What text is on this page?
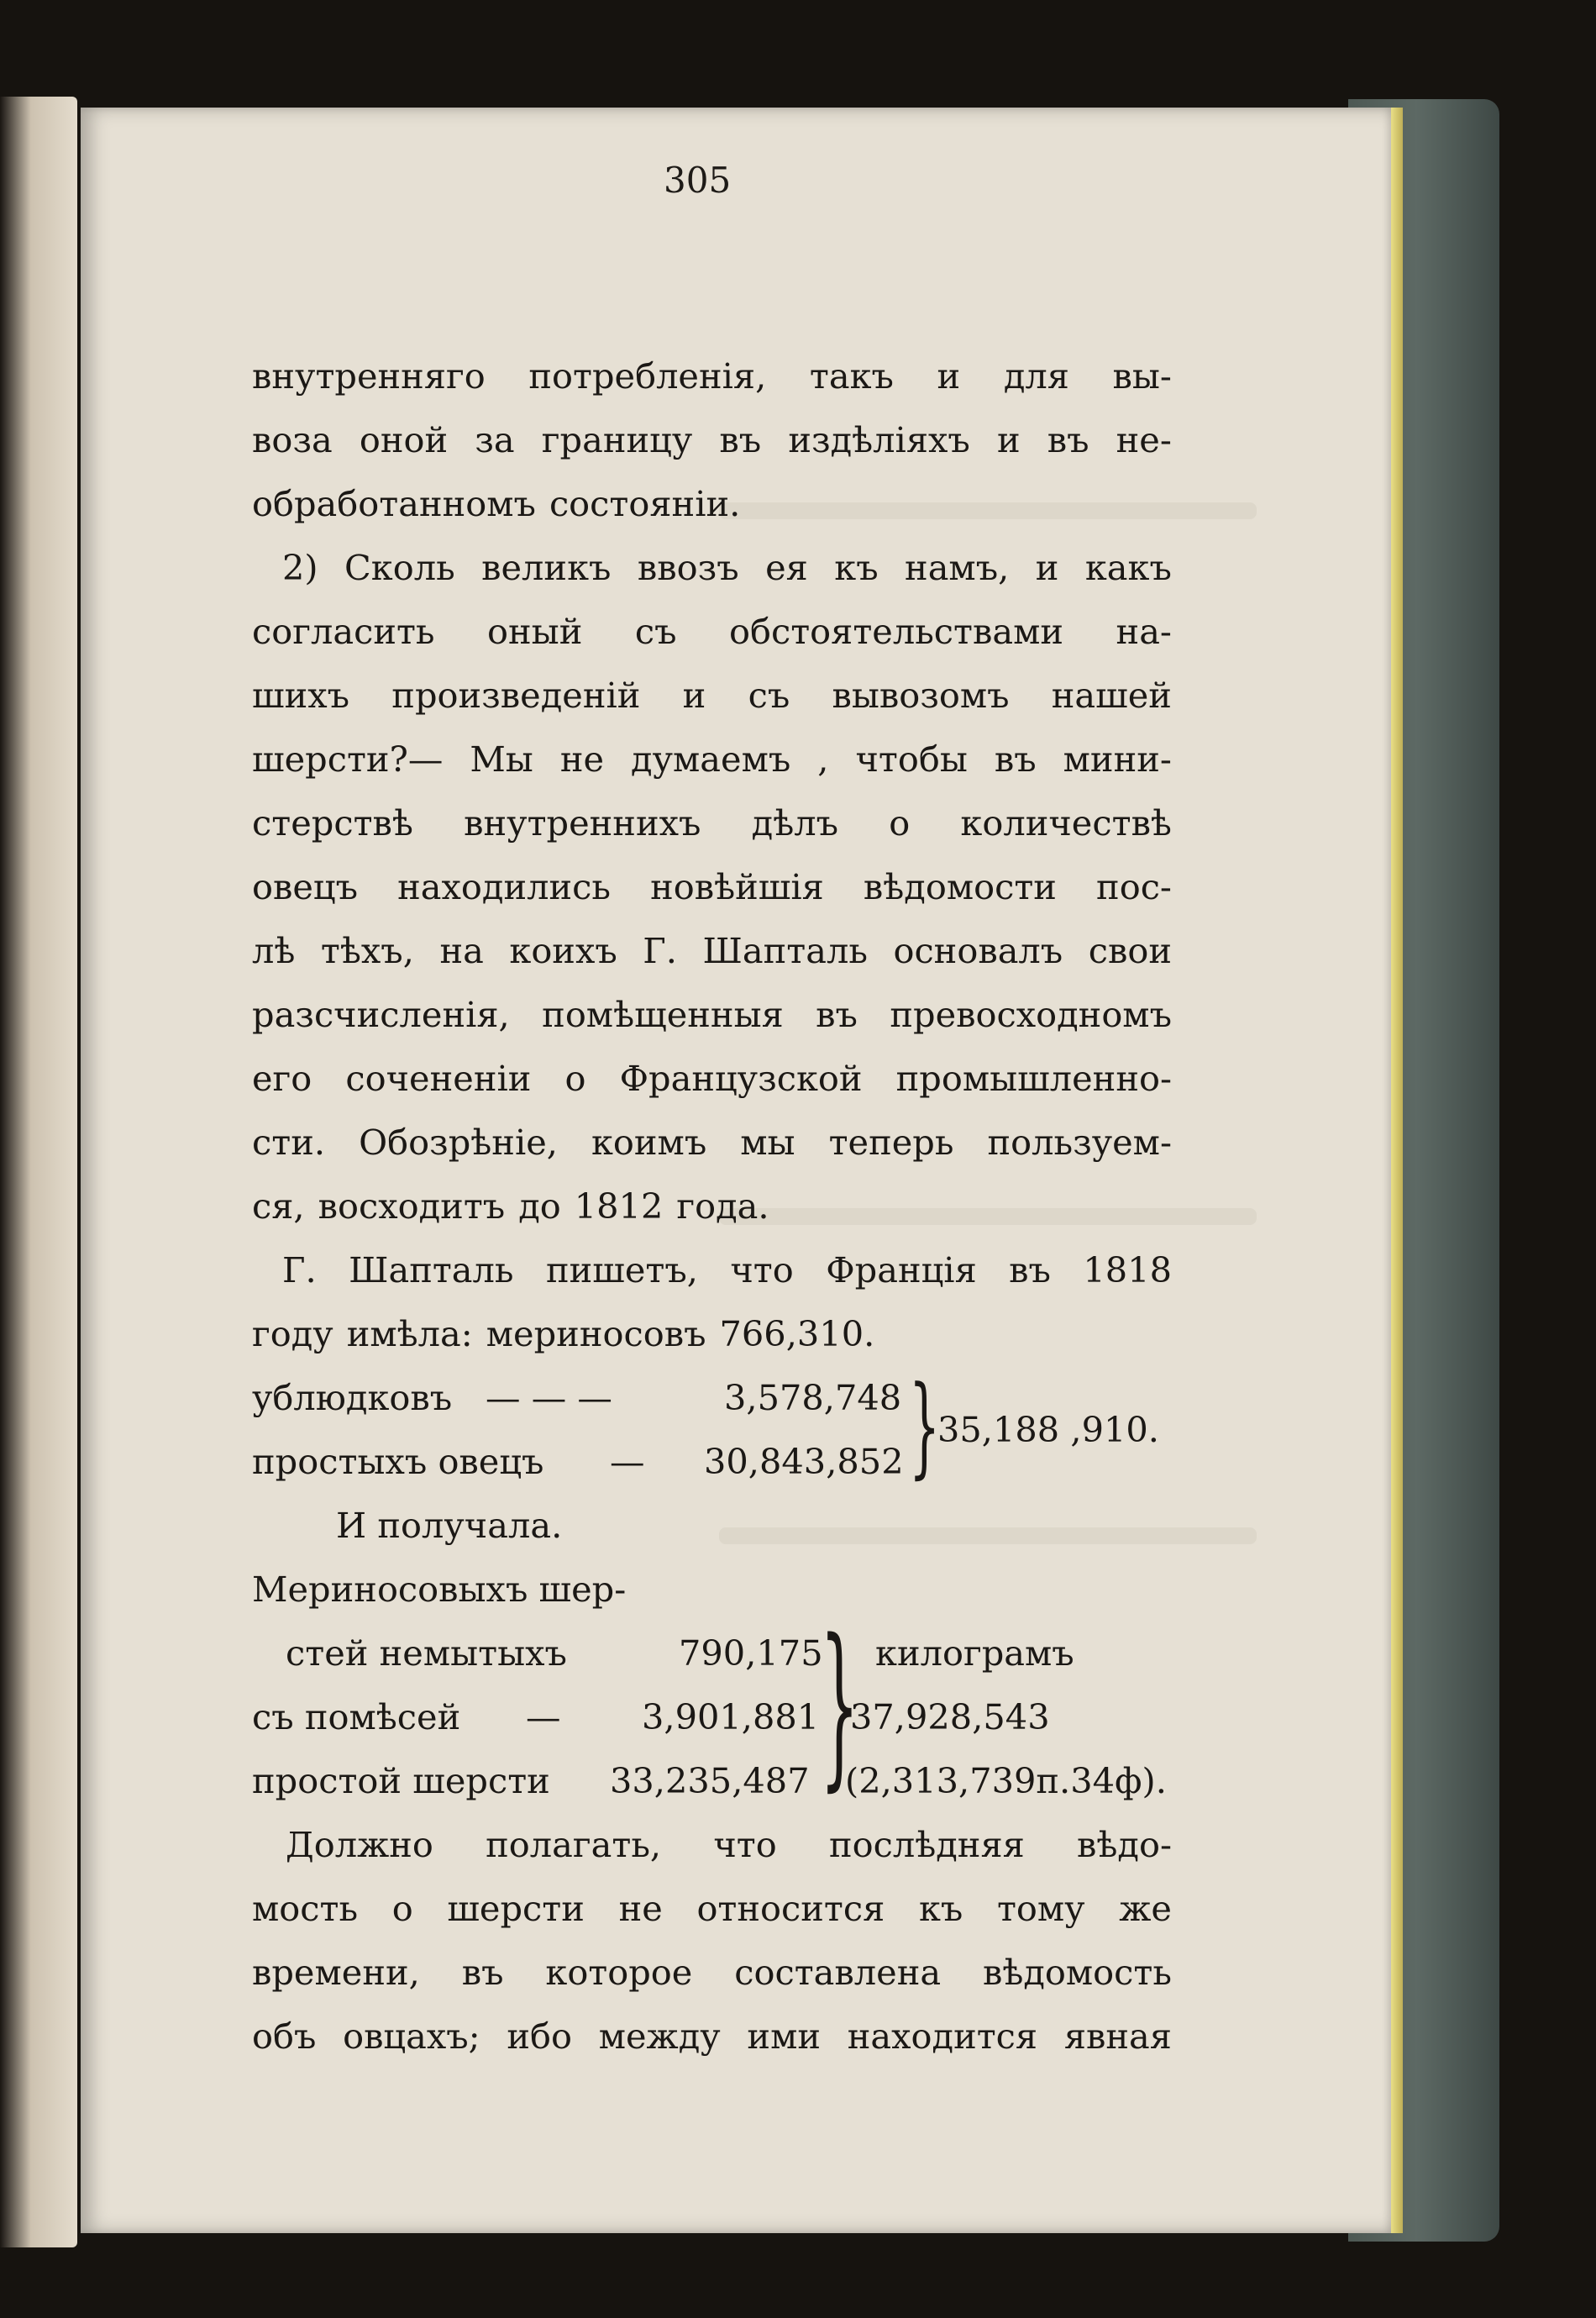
305
внутренняго потребленія, такъ и для вы-
воза оной за границу въ издѣліяхъ и въ не-
обработанномъ состояніи.
2) Сколь великъ ввозъ ея къ намъ, и какъ
согласить оный съ обстоятельствами на-
шихъ произведеній и съ вывозомъ нашей
шерсти?— Мы не думаемъ , чтобы въ мини-
стерствѣ внутреннихъ дѣлъ о количествѣ
овецъ находились новѣйшія вѣдомости пос-
лѣ тѣхъ, на коихъ Г. Шапталь основалъ свои
разсчисленія, помѣщенныя въ превосходномъ
его сочененіи о Французской промышленно-
сти. Обозрѣніе, коимъ мы теперь пользуем-
ся, восходитъ до 1812 года.
Г. Шапталь пишетъ, что Франція въ 1818
году имѣла: мериносовъ 766,310.
ублюдковъ — — —	3,578,748
простыхъ овецъ — 30,843,852 }
35,188 ,910.
И получала.
Мериносовыхъ шер-
стей немытыхъ	790,175 килограмъ
съ помѣсей — 3,901,881 37,928,543
простой шерсти 33,235,487 (2,313,739п.34ф).
}
Должно полагать, что послѣдняя вѣдо-
мость о шерсти не относится къ тому же
времени, въ которое составлена вѣдомость
объ овцахъ; ибо между ими находится явная
